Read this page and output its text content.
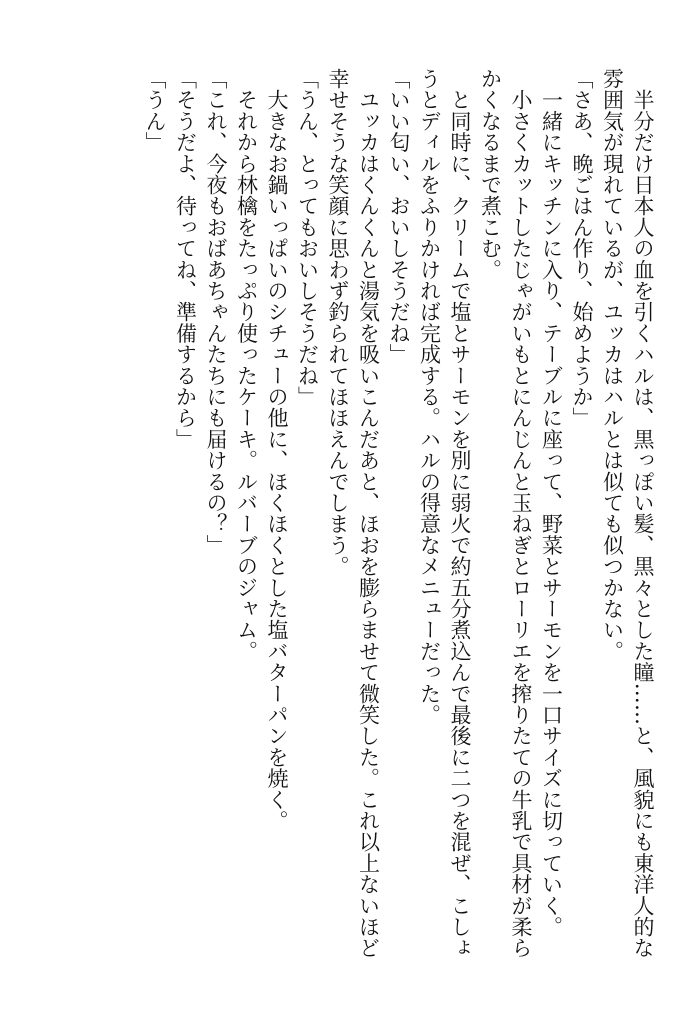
　半分だけ日本人の血を引くハルは、黒っぽい髪、黒々とした瞳……と、風貌にも東洋人的な
雰囲気が現れているが、ユッカはハルとは似ても似つかない。
「さあ、晩ごはん作り、始めようか」
　一緒にキッチンに入り、テーブルに座って、野菜とサーモンを一口サイズに切っていく。
　小さくカットしたじゃがいもとにんじんと玉ねぎとローリエを搾りたての牛乳で具材が柔ら
かくなるまで煮こむ。
　と同時に、クリームで塩とサーモンを別に弱火で約五分煮込んで最後に二つを混ぜ、こしょ
うとディルをふりかければ完成する。ハルの得意なメニューだった。
「いい匂い、おいしそうだね」
　ユッカはくんくんと湯気を吸いこんだあと、ほおを膨らませて微笑した。これ以上ないほど
幸せそうな笑顔に思わず釣られてほほえんでしまう。
「うん、とってもおいしそうだね」
　大きなお鍋いっぱいのシチューの他に、ほくほくとした塩バターパンを焼く。
　それから林檎をたっぷり使ったケーキ。ルバーブのジャム。
「これ、今夜もおばあちゃんたちにも届けるの？」
「そうだよ、待ってね、準備するから」
「うん」
